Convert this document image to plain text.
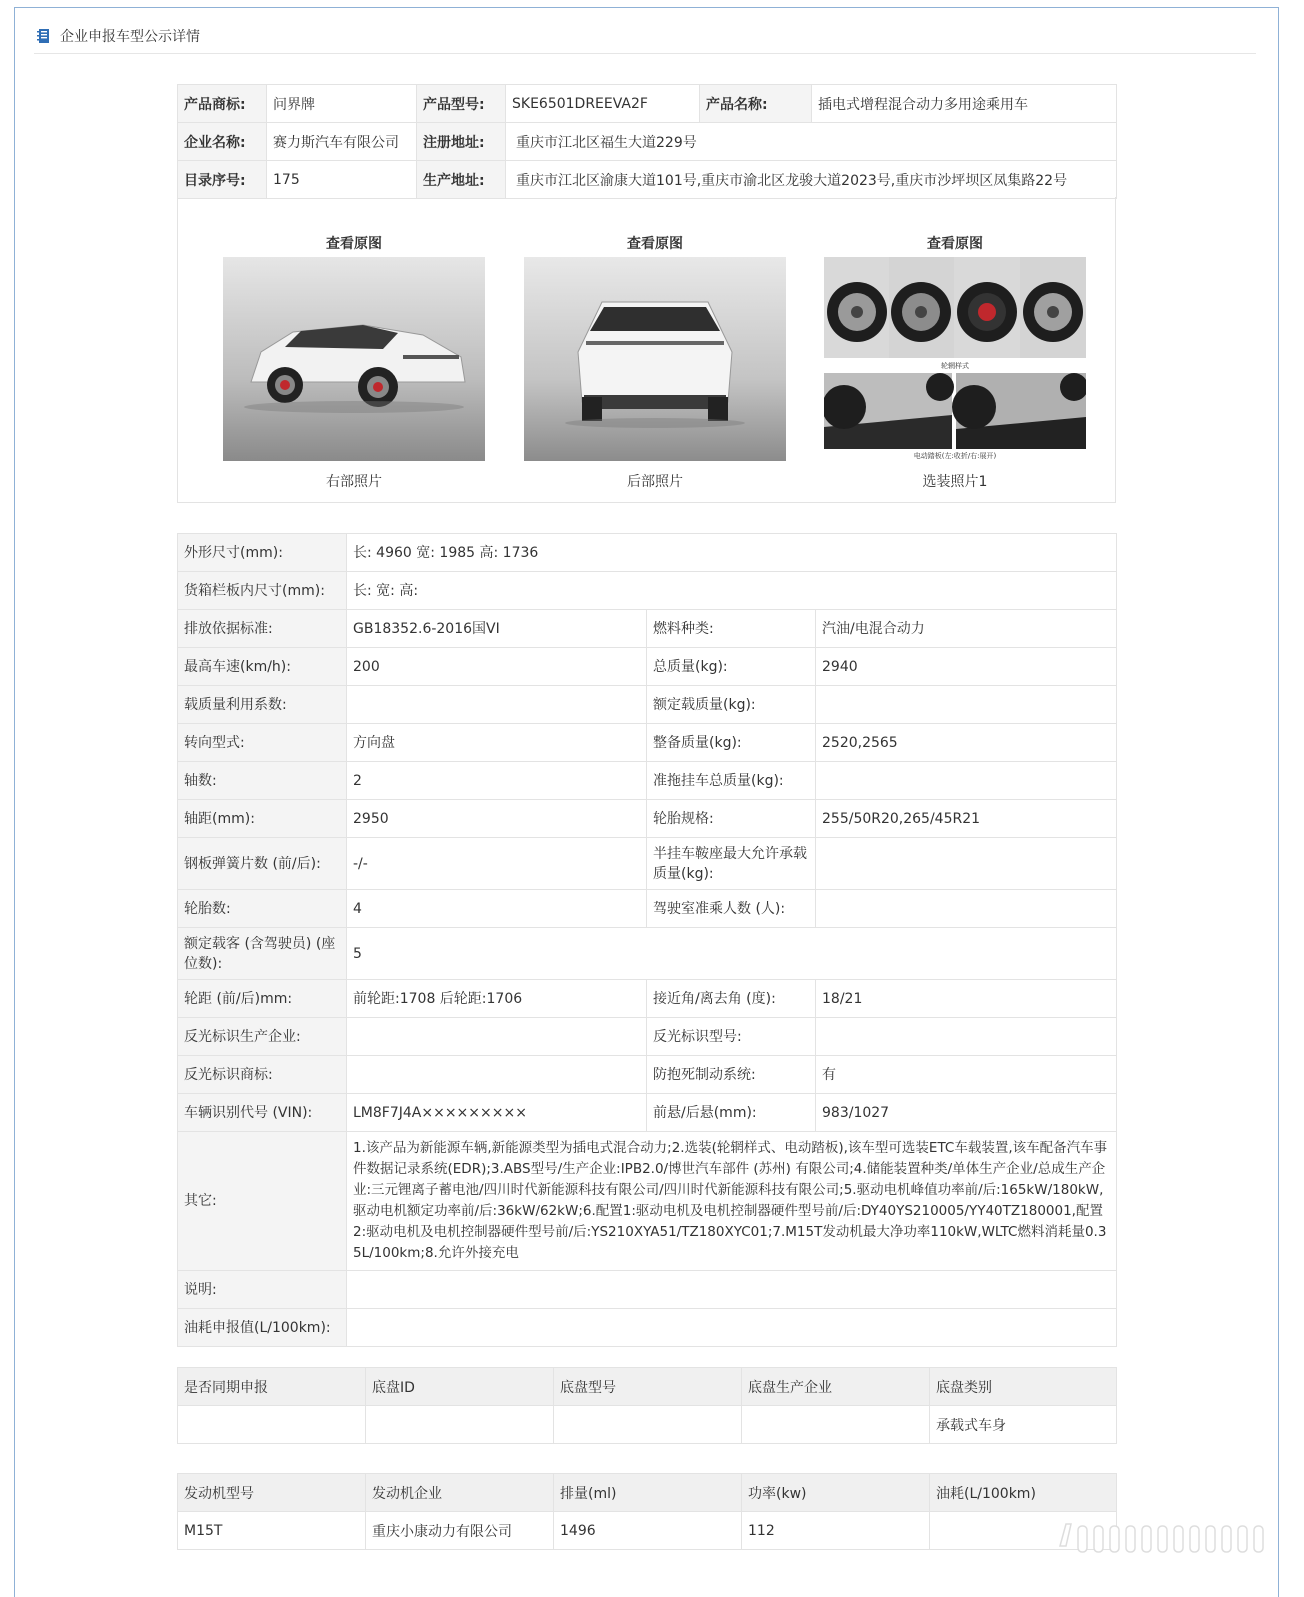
企业申报车型公示详情
产品商标:	问界牌	产品型号:	SKE6501DREEVA2F	产品名称:	插电式增程混合动力多用途乘用车
企业名称:	赛力斯汽车有限公司	注册地址:	重庆市江北区福生大道229号		
目录序号:	175	生产地址:	重庆市江北区渝康大道101号,重庆市渝北区龙骏大道2023号,重庆市沙坪坝区凤集路22号		
查看原图
右部照片
查看原图
后部照片
查看原图
轮辋样式
电动踏板(左:收折/右:展开)
选装照片1
外形尺寸(mm):	长: 4960 宽: 1985 高: 1736		
货箱栏板内尺寸(mm):	长: 宽: 高:		
排放依据标准:	GB18352.6-2016国VI	燃料种类:	汽油/电混合动力
最高车速(km/h):	200	总质量(kg):	2940
载质量利用系数:		额定载质量(kg):	
转向型式:	方向盘	整备质量(kg):	2520,2565
轴数:	2	准拖挂车总质量(kg):	
轴距(mm):	2950	轮胎规格:	255/50R20,265/45R21
钢板弹簧片数 (前/后):	-/-	半挂车鞍座最大允许承载质量(kg):	
轮胎数:	4	驾驶室准乘人数 (人):	
额定载客 (含驾驶员) (座位数):	5		
轮距 (前/后)mm:	前轮距:1708 后轮距:1706	接近角/离去角 (度):	18/21
反光标识生产企业:		反光标识型号:	
反光标识商标:		防抱死制动系统:	有
车辆识别代号 (VIN):	LM8F7J4A×××××××××	前悬/后悬(mm):	983/1027
其它:	1.该产品为新能源车辆,新能源类型为插电式混合动力;2.选装(轮辋样式、电动踏板),该车型可选装ETC车载装置,该车配备汽车事件数据记录系统(EDR);3.ABS型号/生产企业:IPB2.0/博世汽车部件 (苏州) 有限公司;4.储能装置种类/单体生产企业/总成生产企业:三元锂离子蓄电池/四川时代新能源科技有限公司/四川时代新能源科技有限公司;5.驱动电机峰值功率前/后:165kW/180kW,驱动电机额定功率前/后:36kW/62kW;6.配置1:驱动电机及电机控制器硬件型号前/后:DY40YS210005/YY40TZ180001,配置2:驱动电机及电机控制器硬件型号前/后:YS210XYA51/TZ180XYC01;7.M15T发动机最大净功率110kW,WLTC燃料消耗量0.35L/100km;8.允许外接充电		
说明:			
油耗申报值(L/100km):			
是否同期申报	底盘ID	底盘型号	底盘生产企业	底盘类别
				承载式车身
发动机型号	发动机企业	排量(ml)	功率(kw)	油耗(L/100km)
M15T	重庆小康动力有限公司	1496	112	
